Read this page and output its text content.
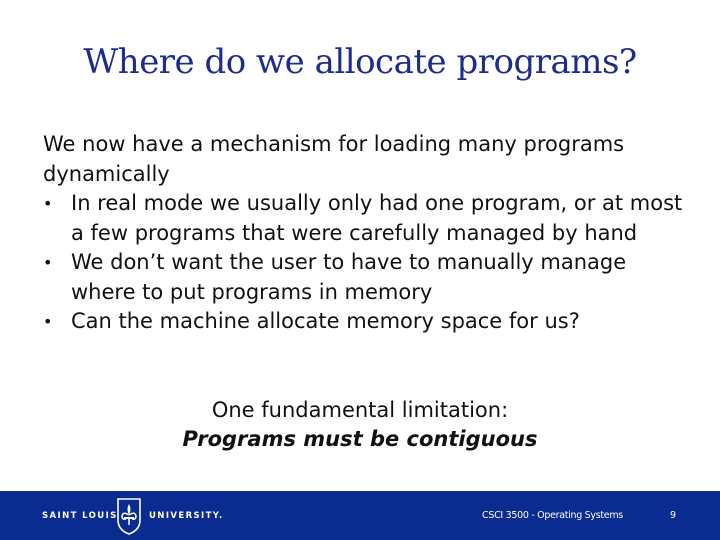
Where do we allocate programs?

We now have a mechanism for loading many programs dynamically

• In real mode we usually only had one program, or at most a few programs that were carefully managed by hand
• We don’t want the user to have to manually manage where to put programs in memory
• Can the machine allocate memory space for us?
One fundamental limitation:
Programs must be contiguous
SAINT LOUIS	UNIVERSITY.	CSCI 3500 - Operating Systems	9
